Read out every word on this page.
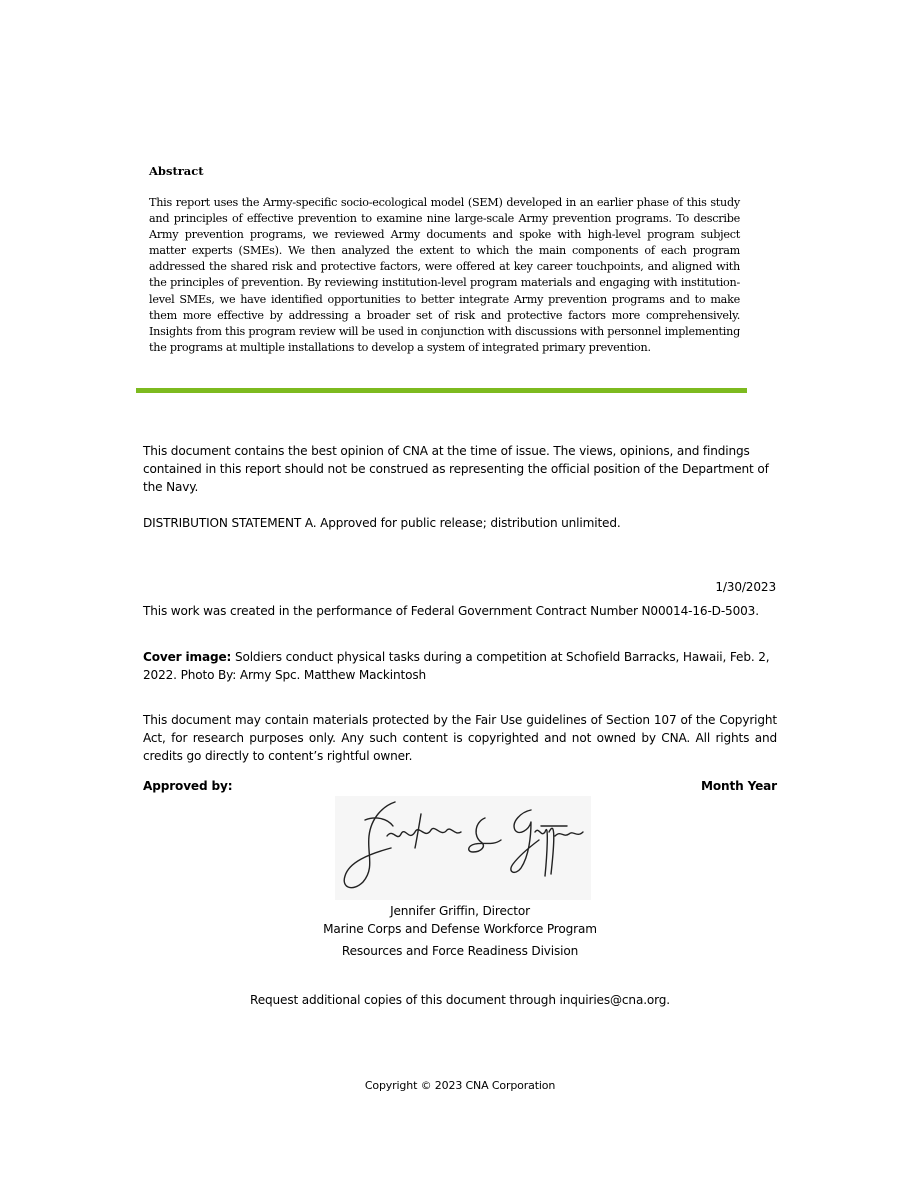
Abstract
This report uses the Army-specific socio-ecological model (SEM) developed in an earlier phase of this study and principles of effective prevention to examine nine large-scale Army prevention programs. To describe Army prevention programs, we reviewed Army documents and spoke with high-level program subject matter experts (SMEs). We then analyzed the extent to which the main components of each program addressed the shared risk and protective factors, were offered at key career touchpoints, and aligned with the principles of prevention. By reviewing institution-level program materials and engaging with institution-level SMEs, we have identified opportunities to better integrate Army prevention programs and to make them more effective by addressing a broader set of risk and protective factors more comprehensively. Insights from this program review will be used in conjunction with discussions with personnel implementing the programs at multiple installations to develop a system of integrated primary prevention.
This document contains the best opinion of CNA at the time of issue. The views, opinions, and findings contained in this report should not be construed as representing the official position of the Department of the Navy.
DISTRIBUTION STATEMENT A. Approved for public release; distribution unlimited.
1/30/2023
This work was created in the performance of Federal Government Contract Number N00014-16-D-5003.
Cover image: Soldiers conduct physical tasks during a competition at Schofield Barracks, Hawaii, Feb. 2, 2022. Photo By: Army Spc. Matthew Mackintosh
This document may contain materials protected by the Fair Use guidelines of Section 107 of the Copyright Act, for research purposes only. Any such content is copyrighted and not owned by CNA. All rights and credits go directly to content’s rightful owner.
Approved by:	Month Year
Jennifer Griffin, Director
Marine Corps and Defense Workforce Program
Resources and Force Readiness Division
Request additional copies of this document through inquiries@cna.org.
Copyright © 2023 CNA Corporation
